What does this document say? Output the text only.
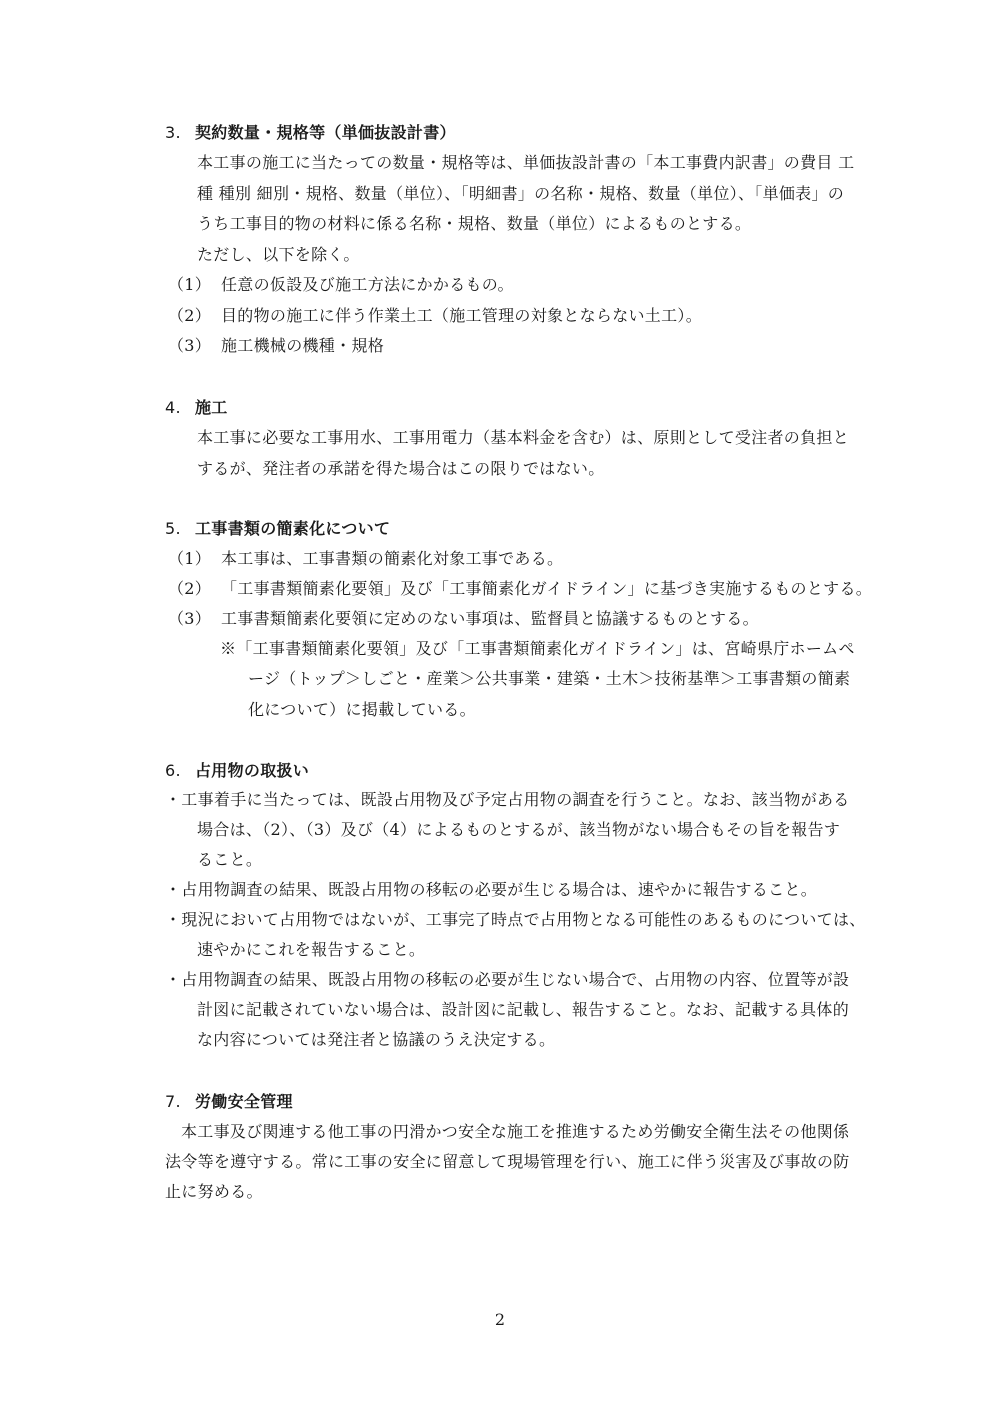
3. 契約数量・規格等（単価抜設計書）
本工事の施工に当たっての数量・規格等は、単価抜設計書の「本工事費内訳書」の費目 工
種 種別 細別・規格、数量（単位）、「明細書」の名称・規格、数量（単位）、「単価表」の
うち工事目的物の材料に係る名称・規格、数量（単位）によるものとする。
ただし、以下を除く。
（1） 任意の仮設及び施工方法にかかるもの。
（2） 目的物の施工に伴う作業土工（施工管理の対象とならない土工）。
（3） 施工機械の機種・規格
4. 施工
本工事に必要な工事用水、工事用電力（基本料金を含む）は、原則として受注者の負担と
するが、発注者の承諾を得た場合はこの限りではない。
5. 工事書類の簡素化について
（1） 本工事は、工事書類の簡素化対象工事である。
（2） 「工事書類簡素化要領」及び「工事簡素化ガイドライン」に基づき実施するものとする。
（3） 工事書類簡素化要領に定めのない事項は、監督員と協議するものとする。
※「工事書類簡素化要領」及び「工事書類簡素化ガイドライン」は、宮崎県庁ホームペ
ージ（トップ＞しごと・産業＞公共事業・建築・土木＞技術基準＞工事書類の簡素
化について）に掲載している。
6. 占用物の取扱い
・工事着手に当たっては、既設占用物及び予定占用物の調査を行うこと。なお、該当物がある
場合は、（2）、（3）及び（4）によるものとするが、該当物がない場合もその旨を報告す
ること。
・占用物調査の結果、既設占用物の移転の必要が生じる場合は、速やかに報告すること。
・現況において占用物ではないが、工事完了時点で占用物となる可能性のあるものについては、
速やかにこれを報告すること。
・占用物調査の結果、既設占用物の移転の必要が生じない場合で、占用物の内容、位置等が設
計図に記載されていない場合は、設計図に記載し、報告すること。なお、記載する具体的
な内容については発注者と協議のうえ決定する。
7. 労働安全管理
本工事及び関連する他工事の円滑かつ安全な施工を推進するため労働安全衛生法その他関係
法令等を遵守する。常に工事の安全に留意して現場管理を行い、施工に伴う災害及び事故の防
止に努める。
2
